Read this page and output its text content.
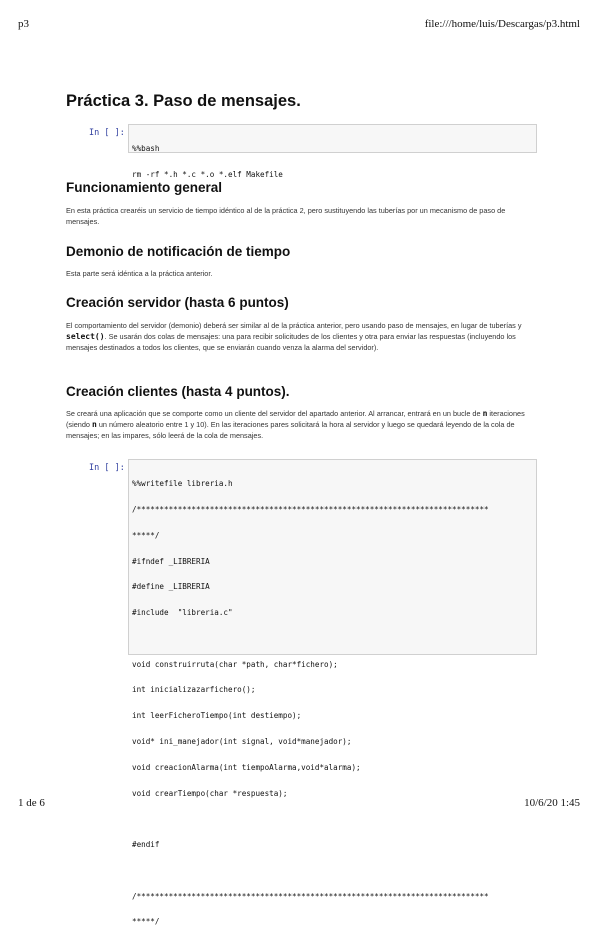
p3	file:///home/luis/Descargas/p3.html
Práctica 3. Paso de mensajes.
In [ ]:

%%bash

rm -rf *.h *.c *.o *.elf Makefile

Funcionamiento general

En esta práctica crearéis un servicio de tiempo idéntico al de la práctica 2, pero sustituyendo las tuberías por un mecanismo de paso de mensajes.

Demonio de notificación de tiempo

Esta parte será idéntica a la práctica anterior.

Creación servidor (hasta 6 puntos)

El comportamiento del servidor (demonio) deberá ser similar al de la práctica anterior, pero usando paso de mensajes, en lugar de tuberías y select(). Se usarán dos colas de mensajes: una para recibir solicitudes de los clientes y otra para enviar las respuestas (incluyendo los mensajes destinados a todos los clientes, que se enviarán cuando venza la alarma del servidor).

Creación clientes (hasta 4 puntos).

Se creará una aplicación que se comporte como un cliente del servidor del apartado anterior. Al arrancar, entrará en un bucle de n iteraciones (siendo n un número aleatorio entre 1 y 10). En las iteraciones pares solicitará la hora al servidor y luego se quedará leyendo de la cola de mensajes; en las impares, sólo leerá de la cola de mensajes.

In [ ]:

%%writefile libreria.h

/*****************************************************************************

*****/

#ifndef _LIBRERIA

#define _LIBRERIA

#include  "libreria.c"

void construirruta(char *path, char*fichero);

int inicializazarfichero();

int leerFicheroTiempo(int destiempo);

void* ini_manejador(int signal, void*manejador);

void creacionAlarma(int tiempoAlarma,void*alarma);

void crearTiempo(char *respuesta);

#endif

/*****************************************************************************

*****/

1 de 6	10/6/20 1:45
